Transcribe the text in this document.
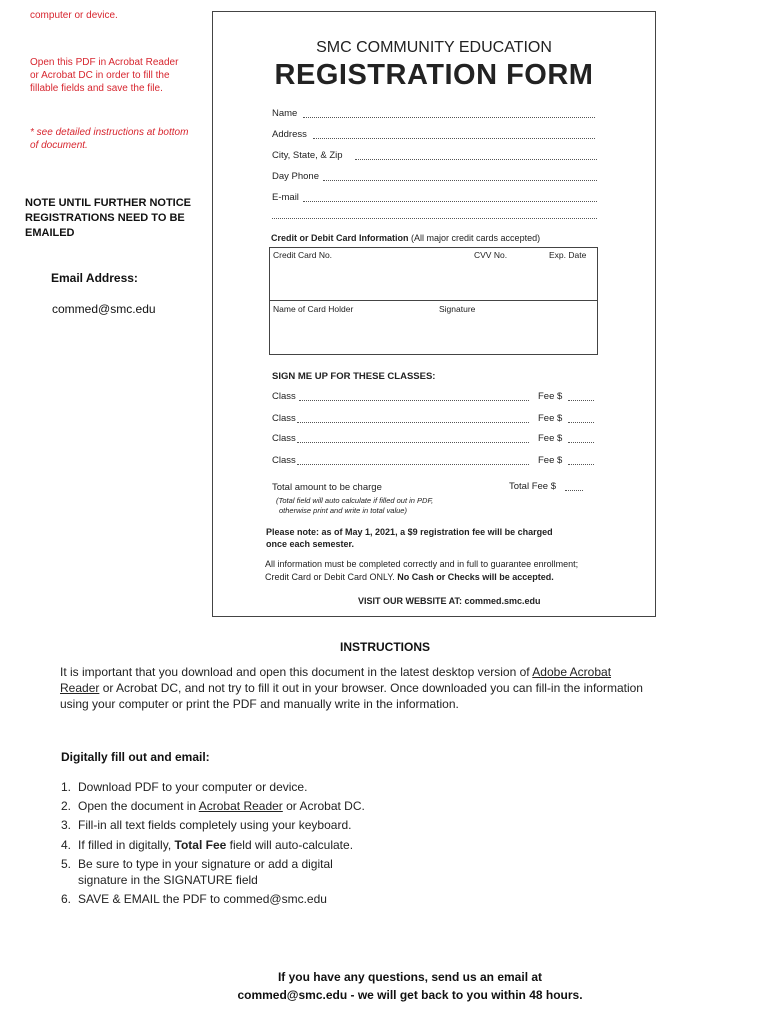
computer or device.
Open this PDF in Acrobat Reader
or Acrobat DC in order to fill the
fillable fields and save the file.
* see detailed instructions at bottom
of document.
NOTE UNTIL FURTHER NOTICE
REGISTRATIONS NEED TO BE
EMAILED
Email Address:
commed@smc.edu
SMC COMMUNITY EDUCATION
REGISTRATION FORM
Name
Address
City, State, & Zip
Day Phone
E-mail
Credit or Debit Card Information (All major credit cards accepted)
Credit Card No.	CVV No.	Exp. Date
Name of Card Holder	Signature
SIGN ME UP FOR THESE CLASSES:
Class	Fee $
Class	Fee $
Class	Fee $
Class	Fee $
Total amount to be charge	Total Fee $
(Total field will auto calculate if filled out in PDF,
otherwise print and write in total value)
Please note: as of May 1, 2021, a $9 registration fee will be charged
once each semester.
All information must be completed correctly and in full to guarantee enrollment;
Credit Card or Debit Card ONLY. No Cash or Checks will be accepted.
VISIT OUR WEBSITE AT: commed.smc.edu
INSTRUCTIONS
It is important that you download and open this document in the latest desktop version of Adobe Acrobat
Reader or Acrobat DC, and not try to fill it out in your browser. Once downloaded you can fill-in the information
using your computer or print the PDF and manually write in the information.
Digitally fill out and email:
1. Download PDF to your computer or device.
2. Open the document in Acrobat Reader or Acrobat DC.
3. Fill-in all text fields completely using your keyboard.
4. If filled in digitally, Total Fee field will auto-calculate.
5. Be sure to type in your signature or add a digital
signature in the SIGNATURE field
6. SAVE & EMAIL the PDF to commed@smc.edu
If you have any questions, send us an email at
commed@smc.edu - we will get back to you within 48 hours.
